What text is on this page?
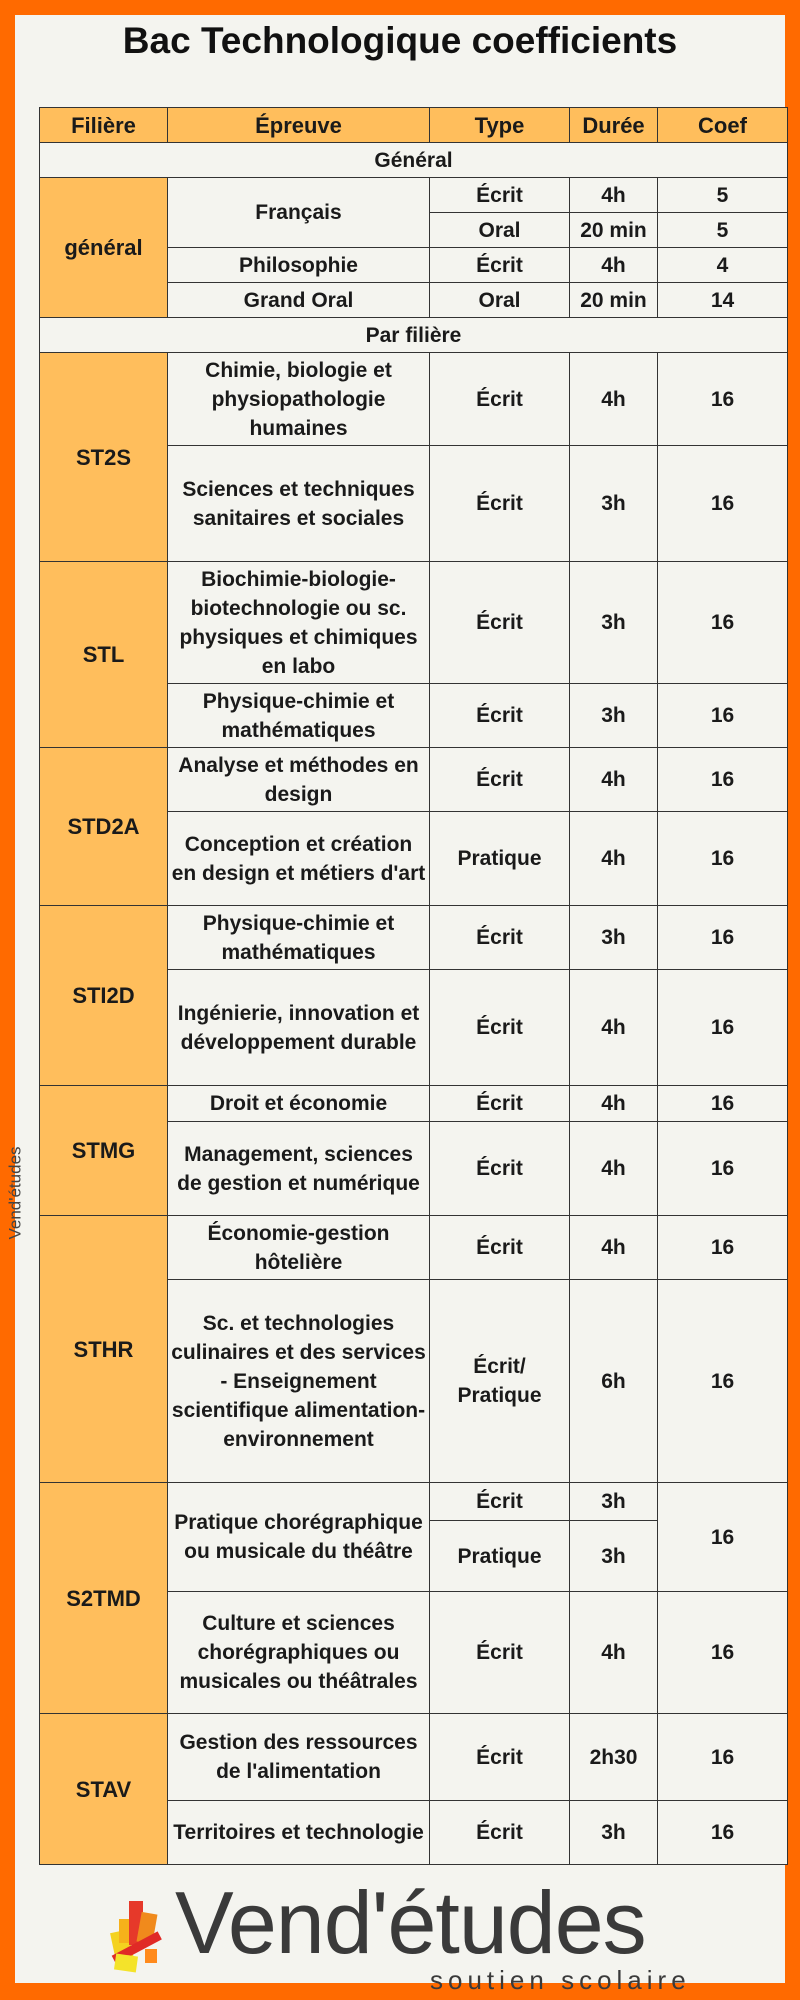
Bac Technologique coefficients
Vend'études
Filière	Épreuve	Type	Durée	Coef
Général				
général	Français	Écrit	4h	5
		Oral	20 min	5
	Philosophie	Écrit	4h	4
	Grand Oral	Oral	20 min	14
Par filière				
ST2S	Chimie, biologie et physiopathologie humaines	Écrit	4h	16
	Sciences et techniques sanitaires et sociales	Écrit	3h	16
STL	Biochimie-biologie-biotechnologie ou sc. physiques et chimiques en labo	Écrit	3h	16
	Physique-chimie et mathématiques	Écrit	3h	16
STD2A	Analyse et méthodes en design	Écrit	4h	16
	Conception et création en design et métiers d'art	Pratique	4h	16
STI2D	Physique-chimie et mathématiques	Écrit	3h	16
	Ingénierie, innovation et développement durable	Écrit	4h	16
STMG	Droit et économie	Écrit	4h	16
	Management, sciences de gestion et numérique	Écrit	4h	16
STHR	Économie-gestion hôtelière	Écrit	4h	16
	Sc. et technologies culinaires et des services - Enseignement scientifique alimentation-environnement	Écrit/ Pratique	6h	16
S2TMD	Pratique chorégraphique ou musicale du théâtre	Écrit	3h	16
		Pratique	3h	
	Culture et sciences chorégraphiques ou musicales ou théâtrales	Écrit	4h	16
STAV	Gestion des ressources de l'alimentation	Écrit	2h30	16
	Territoires et technologie	Écrit	3h	16
Vend'études
soutien scolaire
